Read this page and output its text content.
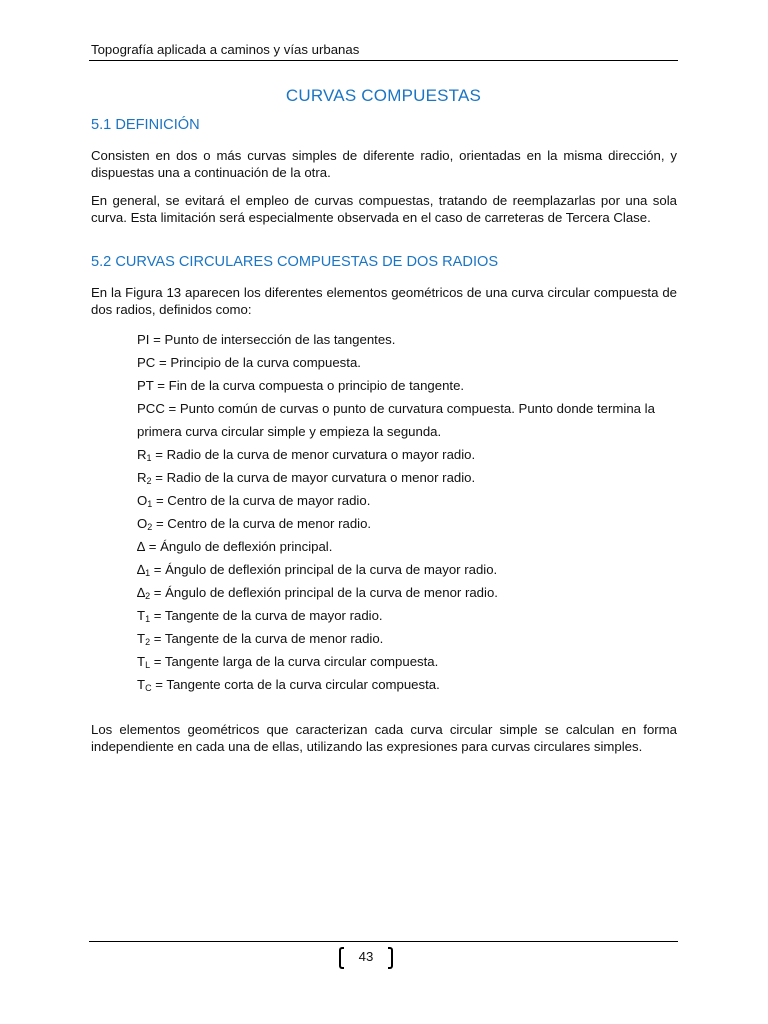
Topografía aplicada a caminos y vías urbanas
CURVAS COMPUESTAS
5.1 DEFINICIÓN

Consisten en dos o más curvas simples de diferente radio, orientadas en la misma dirección, y dispuestas una a continuación de la otra.

En general, se evitará el empleo de curvas compuestas, tratando de reemplazarlas por una sola curva. Esta limitación será especialmente observada en el caso de carreteras de Tercera Clase.

5.2 CURVAS CIRCULARES COMPUESTAS DE DOS RADIOS

En la Figura 13 aparecen los diferentes elementos geométricos de una curva circular compuesta de dos radios, definidos como:

PI = Punto de intersección de las tangentes.
PC = Principio de la curva compuesta.
PT = Fin de la curva compuesta o principio de tangente.
PCC = Punto común de curvas o punto de curvatura compuesta. Punto donde termina la primera curva circular simple y empieza la segunda.
$R_1$ = Radio de la curva de menor curvatura o mayor radio.
$R_2$ = Radio de la curva de mayor curvatura o menor radio.
$O_1$ = Centro de la curva de mayor radio.
$O_2$ = Centro de la curva de menor radio.
∆ = Ángulo de deflexión principal.
$\Delta_1$ = Ángulo de deflexión principal de la curva de mayor radio.
$\Delta_2$ = Ángulo de deflexión principal de la curva de menor radio.
$T_1$ = Tangente de la curva de mayor radio.
$T_2$ = Tangente de la curva de menor radio.
$T_L$ = Tangente larga de la curva circular compuesta.
$T_C$ = Tangente corta de la curva circular compuesta.

Los elementos geométricos que caracterizan cada curva circular simple se calculan en forma independiente en cada una de ellas, utilizando las expresiones para curvas circulares simples.

43
